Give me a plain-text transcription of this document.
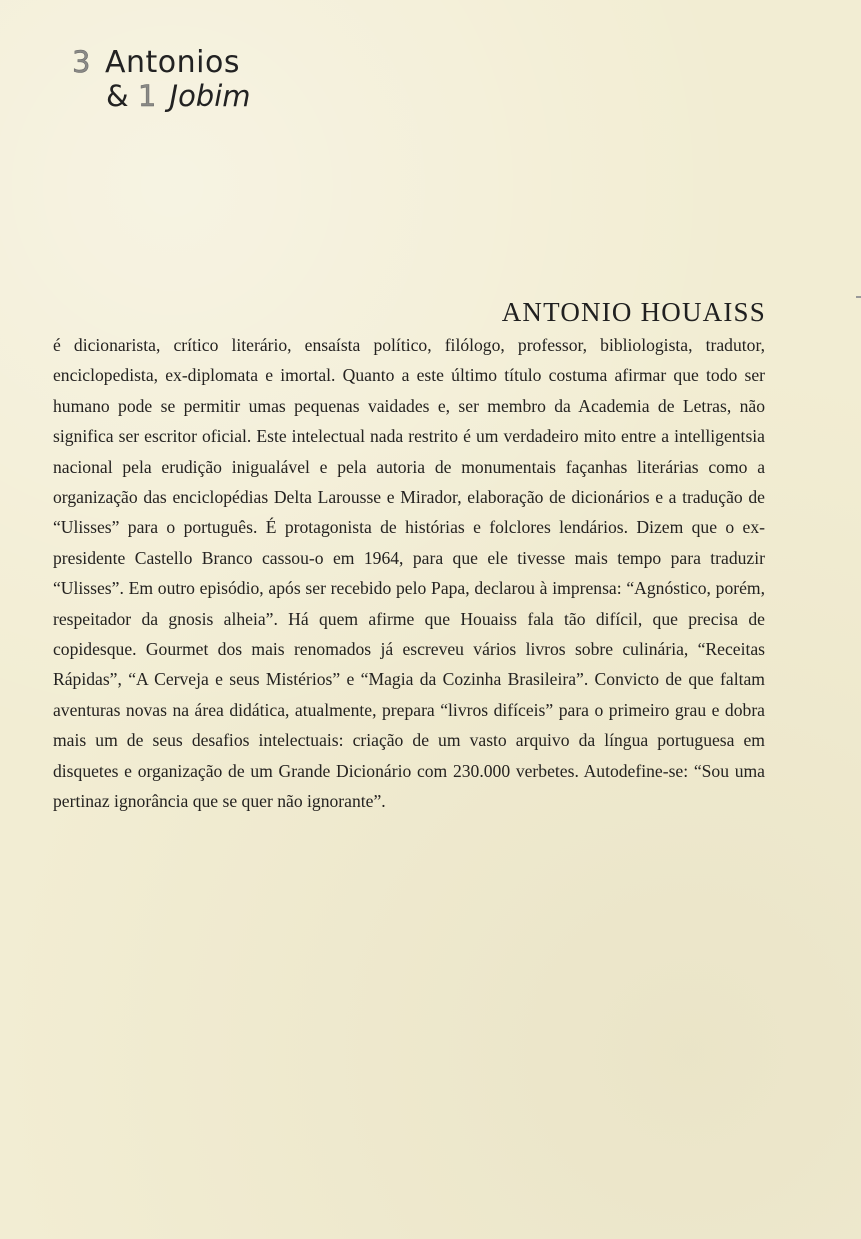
3 Antonios
& 1 Jobim
ANTONIO HOUAISS

é dicionarista, crítico literário, ensaísta político, filólogo, professor, bibliologista, tradutor, enciclopedista, ex-diplomata e imortal. Quanto a este último título costuma afirmar que todo ser humano pode se permitir umas pequenas vaidades e, ser membro da Academia de Letras, não significa ser escritor oficial. Este intelectual nada restrito é um verdadeiro mito entre a intelligentsia nacional pela erudição inigualável e pela autoria de monumentais façanhas literárias como a organização das enciclopédias Delta Larousse e Mirador, elaboração de dicionários e a tradução de “Ulisses” para o português. É protagonista de histórias e folclores lendários. Dizem que o ex-presidente Castello Branco cassou-o em 1964, para que ele tivesse mais tempo para traduzir “Ulisses”. Em outro episódio, após ser recebido pelo Papa, declarou à imprensa: “Agnóstico, porém, respeitador da gnosis alheia”. Há quem afirme que Houaiss fala tão difícil, que precisa de copidesque. Gourmet dos mais renomados já escreveu vários livros sobre culinária, “Receitas Rápidas”, “A Cerveja e seus Mistérios” e “Magia da Cozinha Brasileira”. Convicto de que faltam aventuras novas na área didática, atualmente, prepara “livros difíceis” para o primeiro grau e dobra mais um de seus desafios intelectuais: criação de um vasto arquivo da língua portuguesa em disquetes e organização de um Grande Dicionário com 230.000 verbetes. Autodefine-se: “Sou uma pertinaz ignorância que se quer não ignorante”.
